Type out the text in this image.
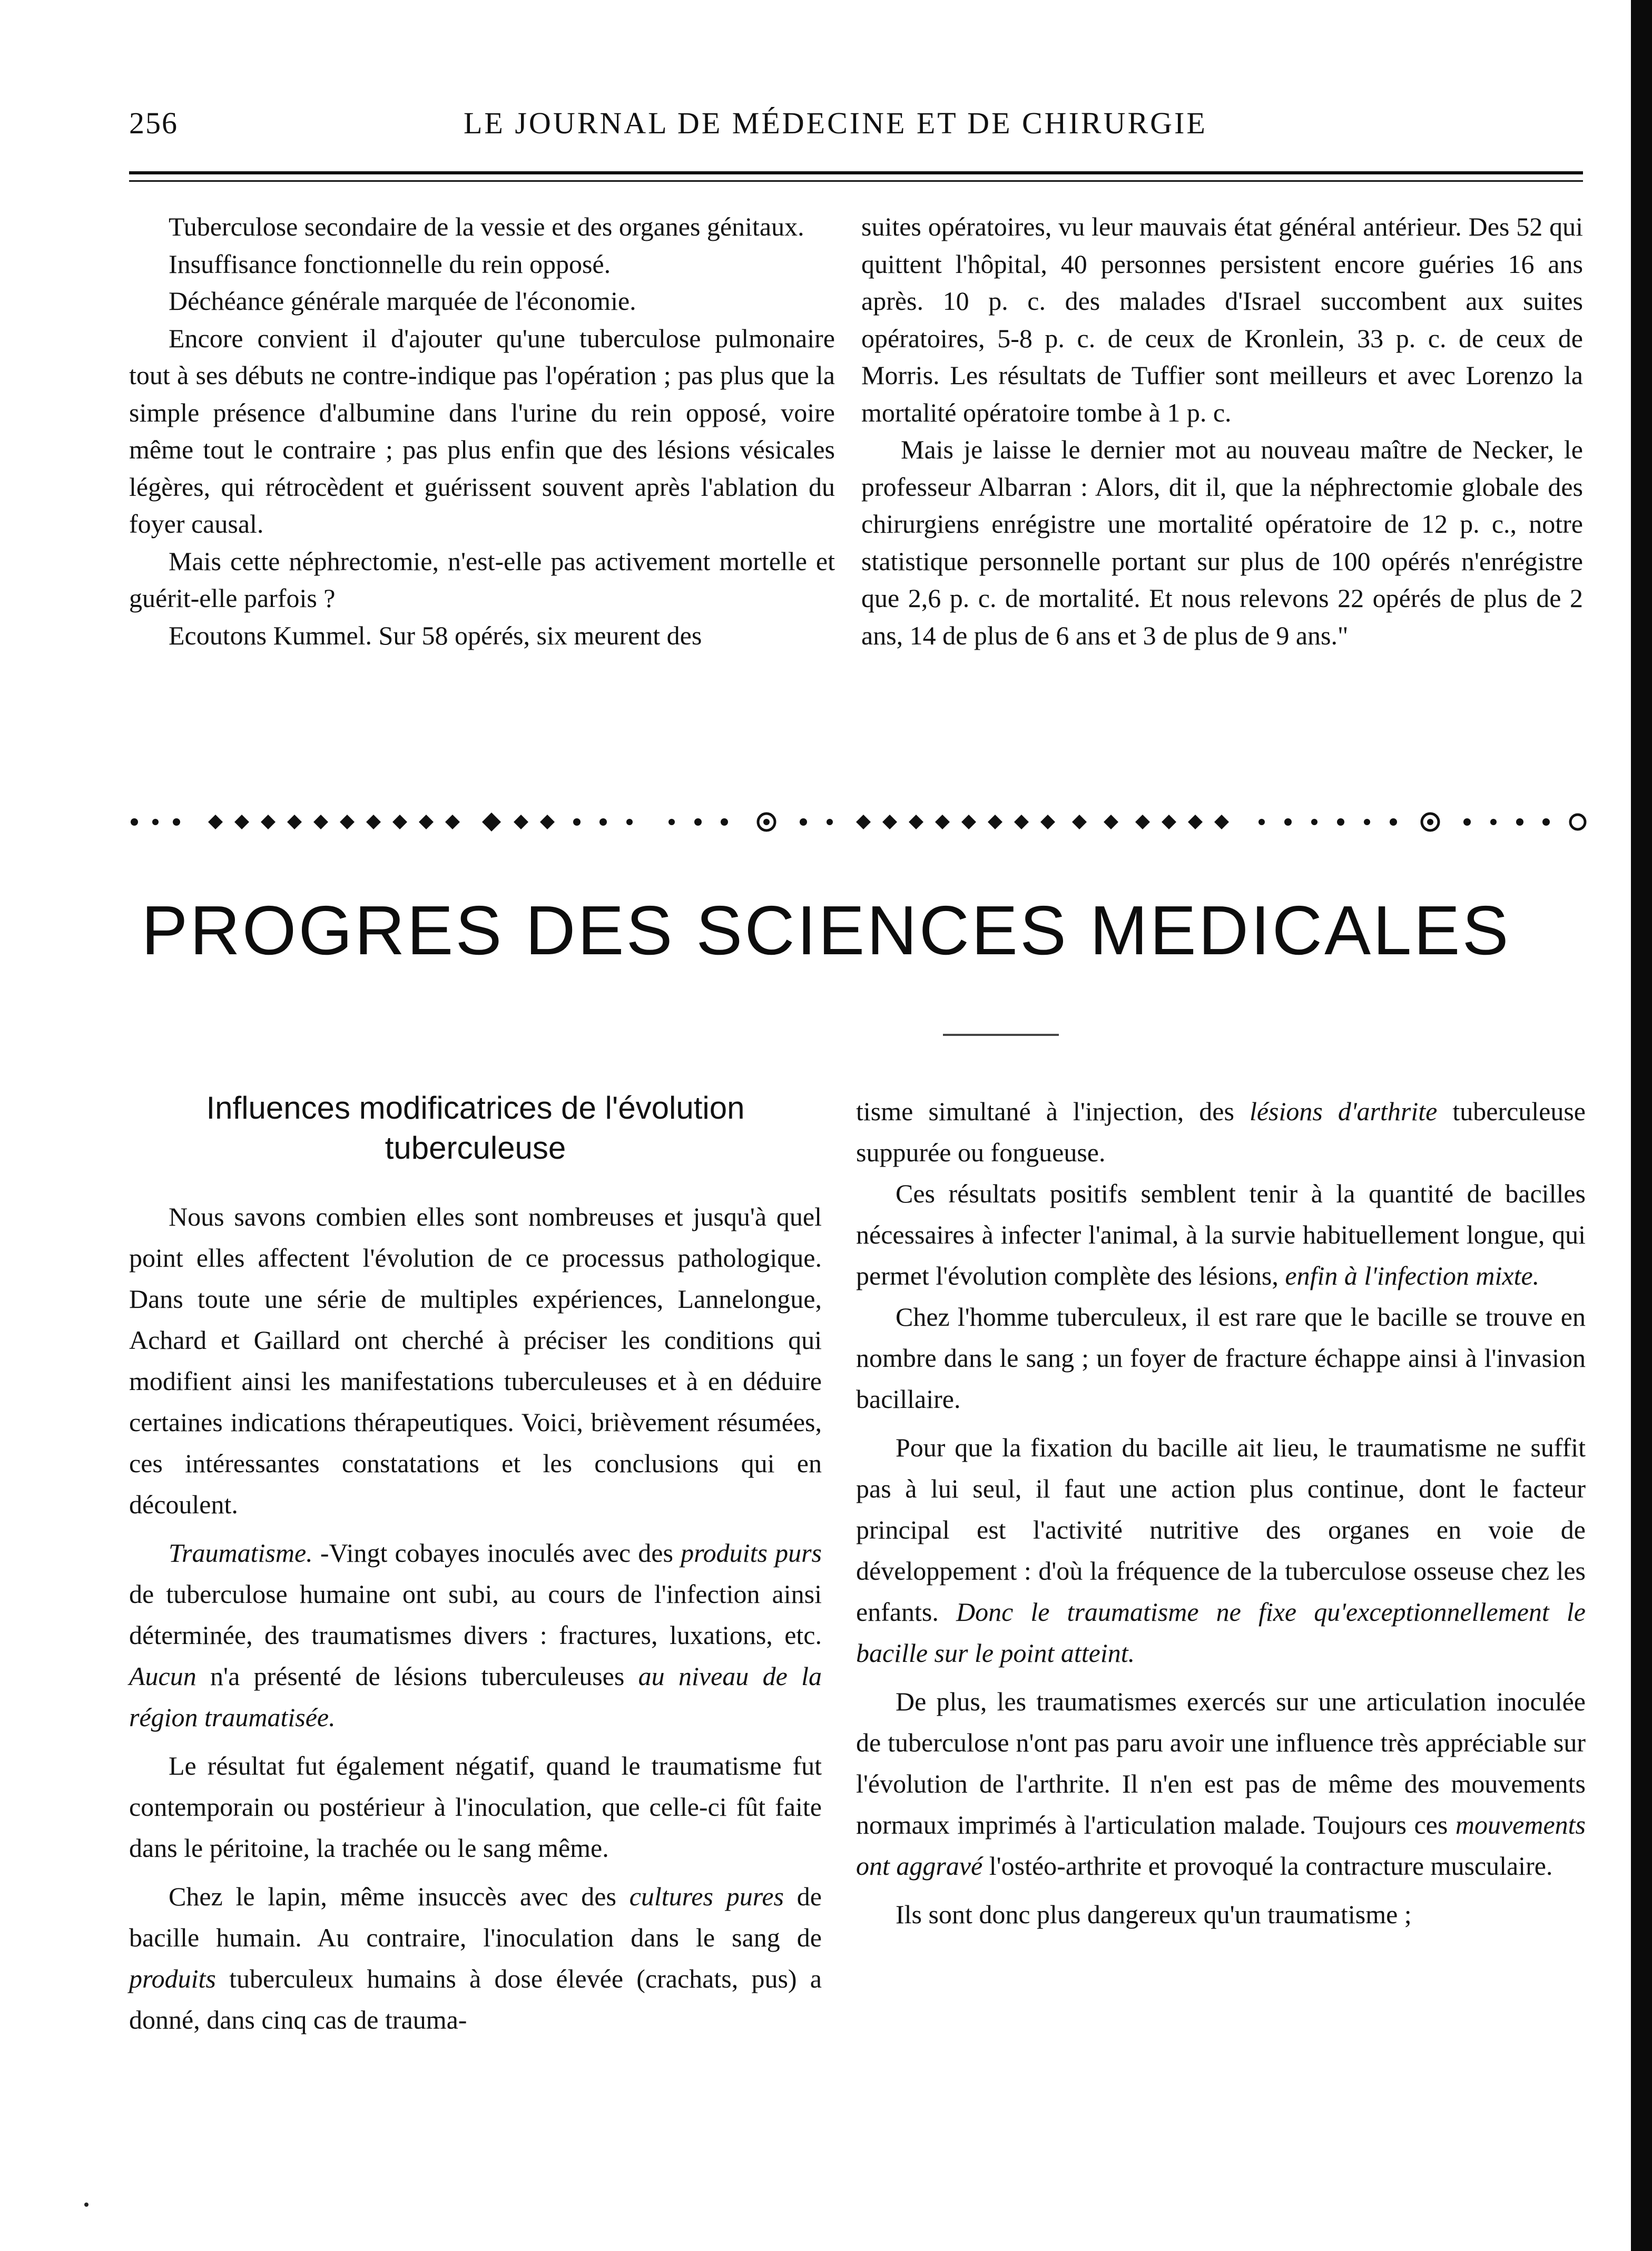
256	LE JOURNAL DE MÉDECINE ET DE CHIRURGIE

Tuberculose secondaire de la vessie et des organes génitaux.

Insuffisance fonctionnelle du rein opposé.

Déchéance générale marquée de l'économie.

Encore convient il d'ajouter qu'une tuberculose pulmonaire tout à ses débuts ne contre-indique pas l'opération ; pas plus que la simple présence d'albumine dans l'urine du rein opposé, voire même tout le contraire ; pas plus enfin que des lésions vésicales légères, qui rétrocèdent et guérissent souvent après l'ablation du foyer causal.

Mais cette néphrectomie, n'est-elle pas activement mortelle et guérit-elle parfois ?

Ecoutons Kummel. Sur 58 opérés, six meurent des

suites opératoires, vu leur mauvais état général antérieur. Des 52 qui quittent l'hôpital, 40 personnes persistent encore guéries 16 ans après. 10 p. c. des malades d'Israel succombent aux suites opératoires, 5-8 p. c. de ceux de Kronlein, 33 p. c. de ceux de Morris. Les résultats de Tuffier sont meilleurs et avec Lorenzo la mortalité opératoire tombe à 1 p. c.

Mais je laisse le dernier mot au nouveau maître de Necker, le professeur Albarran : Alors, dit il, que la néphrectomie globale des chirurgiens enrégistre une mortalité opératoire de 12 p. c., notre statistique personnelle portant sur plus de 100 opérés n'enrégistre que 2,6 p. c. de mortalité. Et nous relevons 22 opérés de plus de 2 ans, 14 de plus de 6 ans et 3 de plus de 9 ans."

PROGRES DES SCIENCES MEDICALES
Influences modificatrices de l'évolution tuberculeuse

Nous savons combien elles sont nombreuses et jusqu'à quel point elles affectent l'évolution de ce processus pathologique. Dans toute une série de multiples expériences, Lannelongue, Achard et Gaillard ont cherché à préciser les conditions qui modifient ainsi les manifestations tuberculeuses et à en déduire certaines indications thérapeutiques. Voici, brièvement résumées, ces intéressantes constatations et les conclusions qui en découlent.

Traumatisme. -Vingt cobayes inoculés avec des produits purs de tuberculose humaine ont subi, au cours de l'infection ainsi déterminée, des traumatismes divers : fractures, luxations, etc. Aucun n'a présenté de lésions tuberculeuses au niveau de la région traumatisée.

Le résultat fut également négatif, quand le traumatisme fut contemporain ou postérieur à l'inoculation, que celle-ci fût faite dans le péritoine, la trachée ou le sang même.

Chez le lapin, même insuccès avec des cultures pures de bacille humain. Au contraire, l'inoculation dans le sang de produits tuberculeux humains à dose élevée (crachats, pus) a donné, dans cinq cas de trauma-

tisme simultané à l'injection, des lésions d'arthrite tuberculeuse suppurée ou fongueuse.

Ces résultats positifs semblent tenir à la quantité de bacilles nécessaires à infecter l'animal, à la survie habituellement longue, qui permet l'évolution complète des lésions, enfin à l'infection mixte.

Chez l'homme tuberculeux, il est rare que le bacille se trouve en nombre dans le sang ; un foyer de fracture échappe ainsi à l'invasion bacillaire.

Pour que la fixation du bacille ait lieu, le traumatisme ne suffit pas à lui seul, il faut une action plus continue, dont le facteur principal est l'activité nutritive des organes en voie de développement : d'où la fréquence de la tuberculose osseuse chez les enfants. Donc le traumatisme ne fixe qu'exceptionnellement le bacille sur le point atteint.

De plus, les traumatismes exercés sur une articulation inoculée de tuberculose n'ont pas paru avoir une influence très appréciable sur l'évolution de l'arthrite. Il n'en est pas de même des mouvements normaux imprimés à l'articulation malade. Toujours ces mouvements ont aggravé l'ostéo-arthrite et provoqué la contracture musculaire.

Ils sont donc plus dangereux qu'un traumatisme ;
